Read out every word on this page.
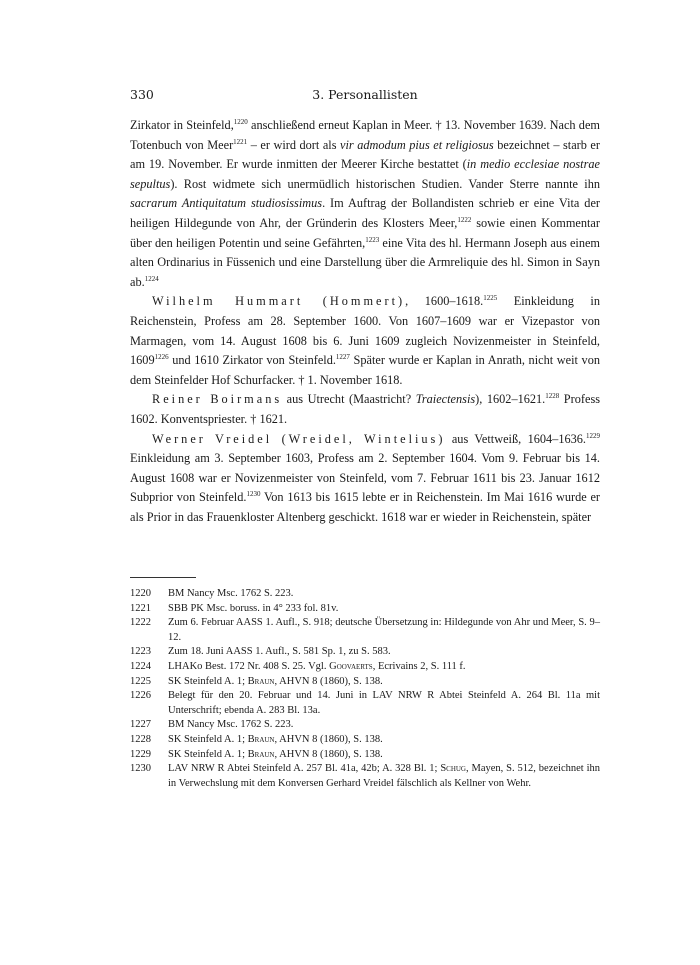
330	3. Personallisten

Zirkator in Steinfeld,$^{1220}$ anschließend erneut Kaplan in Meer. † 13. November 1639. Nach dem Totenbuch von Meer$^{1221}$ – er wird dort als vir admodum pius et religiosus bezeichnet – starb er am 19. November. Er wurde inmitten der Meerer Kirche bestattet (in medio ecclesiae nostrae sepultus). Rost widmete sich unermüdlich historischen Studien. Vander Sterre nannte ihn sacrarum Antiquitatum studiosissimus. Im Auftrag der Bollandisten schrieb er eine Vita der heiligen Hildegunde von Ahr, der Gründerin des Klosters Meer,$^{1222}$ sowie einen Kommentar über den heiligen Potentin und seine Gefährten,$^{1223}$ eine Vita des hl. Hermann Joseph aus einem alten Ordinarius in Füssenich und eine Darstellung über die Armreliquie des hl. Simon in Sayn ab.$^{1224}$

Wilhelm Hummart (Hommert), 1600–1618.$^{1225}$ Einkleidung in Reichenstein, Profess am 28. September 1600. Von 1607–1609 war er Vizepastor von Marmagen, vom 14. August 1608 bis 6. Juni 1609 zugleich Novizenmeister in Steinfeld, $1609^{1226}$ und 1610 Zirkator von Steinfeld.$^{1227}$ Später wurde er Kaplan in Anrath, nicht weit von dem Steinfelder Hof Schurfacker. † 1. November 1618.

Reiner Boirmans aus Utrecht (Maastricht? Traiectensis), 1602–1621.$^{1228}$ Profess 1602. Konventspriester. † 1621.

Werner Vreidel (Wreidel, Wintelius) aus Vettweiß, 1604–1636.$^{1229}$ Einkleidung am 3. September 1603, Profess am 2. September 1604. Vom 9. Februar bis 14. August 1608 war er Novizenmeister von Steinfeld, vom 7. Februar 1611 bis 23. Januar 1612 Subprior von Steinfeld.$^{1230}$ Von 1613 bis 1615 lebte er in Reichenstein. Im Mai 1616 wurde er als Prior in das Frauenkloster Altenberg geschickt. 1618 war er wieder in Reichenstein, später

1220	BM Nancy Msc. 1762 S. 223.
1221	SBB PK Msc. boruss. in 4° 233 fol. 81v.
1222	Zum 6. Februar AASS 1. Aufl., S. 918; deutsche Übersetzung in: Hildegunde von Ahr und Meer, S. 9–12.
1223	Zum 18. Juni AASS 1. Aufl., S. 581 Sp. 1, zu S. 583.
1224	LHAKo Best. 172 Nr. 408 S. 25. Vgl. Goovaerts, Ecrivains 2, S. 111 f.
1225	SK Steinfeld A. 1; Braun, AHVN 8 (1860), S. 138.
1226	Belegt für den 20. Februar und 14. Juni in LAV NRW R Abtei Steinfeld A. 264 Bl. 11a mit Unterschrift; ebenda A. 283 Bl. 13a.
1227	BM Nancy Msc. 1762 S. 223.
1228	SK Steinfeld A. 1; Braun, AHVN 8 (1860), S. 138.
1229	SK Steinfeld A. 1; Braun, AHVN 8 (1860), S. 138.
1230	LAV NRW R Abtei Steinfeld A. 257 Bl. 41a, 42b; A. 328 Bl. 1; Schug, Mayen, S. 512, bezeichnet ihn in Verwechslung mit dem Konversen Gerhard Vreidel fälschlich als Kellner von Wehr.
